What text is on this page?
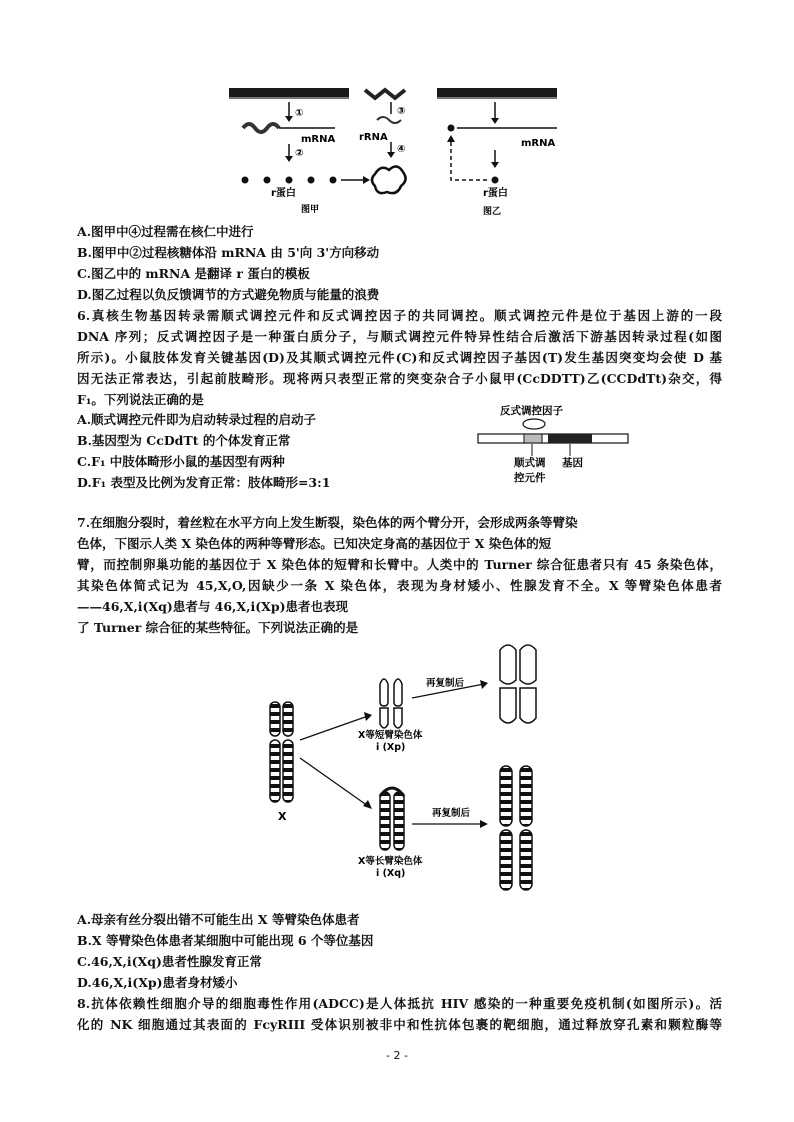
①
mRNA
②
r蛋白
③
rRNA
④
mRNA
r蛋白
图甲	图乙
A.图甲中④过程需在核仁中进行
B.图甲中②过程核糖体沿 mRNA 由 5'向 3'方向移动
C.图乙中的 mRNA 是翻译 r 蛋白的模板
D.图乙过程以负反馈调节的方式避免物质与能量的浪费
6.真核生物基因转录需顺式调控元件和反式调控因子的共同调控。顺式调控元件是位于基因上游的一段
DNA 序列；反式调控因子是一种蛋白质分子，与顺式调控元件特异性结合后激活下游基因转录过程(如图
所示)。小鼠肢体发育关键基因(D)及其顺式调控元件(C)和反式调控因子基因(T)发生基因突变均会使 D 基
因无法正常表达，引起前肢畸形。现将两只表型正常的突变杂合子小鼠甲(CcDDTT)乙(CCDdTt)杂交，得
F₁。下列说法正确的是
A.顺式调控元件即为启动转录过程的启动子
B.基因型为 CcDdTt 的个体发育正常
C.F₁ 中肢体畸形小鼠的基因型有两种
D.F₁ 表型及比例为发育正常：肢体畸形=3:1
反式调控因子
顺式调
控元件
基因
7.在细胞分裂时，着丝粒在水平方向上发生断裂，染色体的两个臂分开，会形成两条等臂染
色体，下图示人类 X 染色体的两种等臂形态。已知决定身高的基因位于 X 染色体的短
臂，而控制卵巢功能的基因位于 X 染色体的短臂和长臂中。人类中的 Turner 综合征患者只有 45 条染色体，
其染色体简式记为 45,X,O,因缺少一条 X 染色体，表现为身材矮小、性腺发育不全。X 等臂染色体患者
——46,X,i(Xq)患者与 46,X,i(Xp)患者也表现
了 Turner 综合征的某些特征。下列说法正确的是
X
X等短臂染色体
i (Xp)
再复制后
X等长臂染色体
i (Xq)
再复制后
A.母亲有丝分裂出错不可能生出 X 等臂染色体患者
B.X 等臂染色体患者某细胞中可能出现 6 个等位基因
C.46,X,i(Xq)患者性腺发育正常
D.46,X,i(Xp)患者身材矮小
8.抗体依赖性细胞介导的细胞毒性作用(ADCC)是人体抵抗 HIV 感染的一种重要免疫机制(如图所示)。活
化的 NK 细胞通过其表面的 FcyRIII 受体识别被非中和性抗体包裹的靶细胞，通过释放穿孔素和颗粒酶等
- 2 -
